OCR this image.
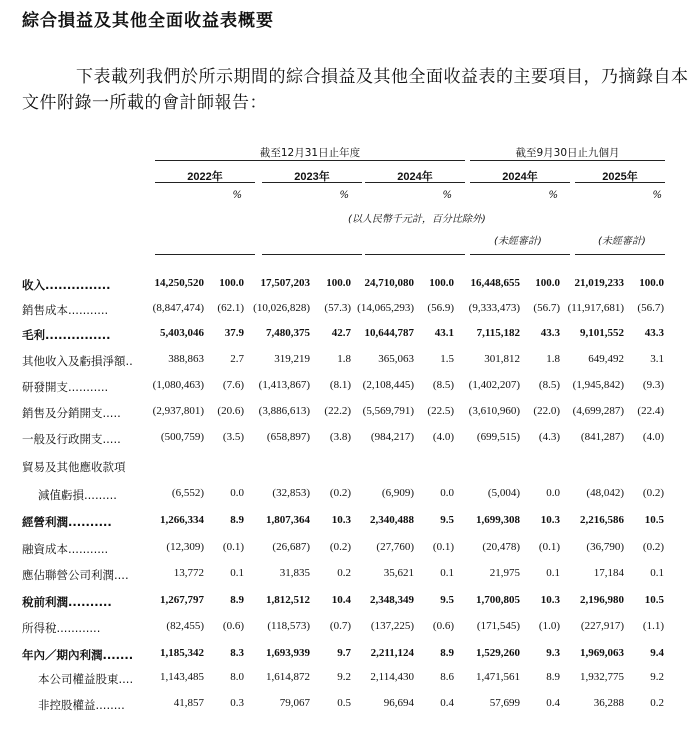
綜合損益及其他全面收益表概要
下表載列我們於所示期間的綜合損益及其他全面收益表的主要項目，乃摘錄自本
文件附錄一所載的會計師報告：
截至12月31日止年度	截至9月30日止九個月
2022年	2023年	2024年	2024年	2025年
%	%	%	%	%
(以人民幣千元計，百分比除外)
(未經審計)	(未經審計)
收入...............	14,250,520 100.0 17,507,203 100.0 24,710,080 100.0 16,448,655 100.0 21,019,233 100.0
銷售成本...........	(8,847,474) (62.1) (10,026,828) (57.3) (14,065,293) (56.9) (9,333,473) (56.7) (11,917,681) (56.7)
毛利...............	5,403,046 37.9 7,480,375 42.7 10,644,787 43.1 7,115,182 43.3 9,101,552 43.3
其他收入及虧損淨額..	388,863 2.7	319,219 1.8 365,063 1.5	301,812 1.8	649,492 3.1
研發開支...........	(1,080,463) (7.6) (1,413,867) (8.1) (2,108,445) (8.5) (1,402,207) (8.5) (1,945,842) (9.3)
銷售及分銷開支.....	(2,937,801) (20.6) (3,886,613) (22.2) (5,569,791) (22.5) (3,610,960) (22.0) (4,699,287) (22.4)
一般及行政開支.....	(500,759) (3.5) (658,897) (3.8) (984,217) (4.0) (699,515) (4.3) (841,287) (4.0)
貿易及其他應收款項
減值虧損.........	(6,552) 0.0	(32,853) (0.2)	(6,909) 0.0	(5,004) 0.0 (48,042) (0.2)
經營利潤..........	1,266,334 8.9 1,807,364 10.3 2,340,488 9.5 1,699,308 10.3 2,216,586 10.5
融資成本...........	(12,309) (0.1)	(26,687) (0.2) (27,760) (0.1)	(20,478) (0.1) (36,790) (0.2)
應佔聯營公司利潤....	13,772 0.1	31,835 0.2	35,621 0.1	21,975 0.1	17,184 0.1
稅前利潤..........	1,267,797 8.9 1,812,512 10.4 2,348,349 9.5 1,700,805 10.3 2,196,980 10.5
所得稅............	(82,455) (0.6) (118,573) (0.7) (137,225) (0.6) (171,545) (1.0) (227,917) (1.1)
年內／期內利潤....... 1,185,342 8.3 1,693,939 9.7 2,211,124 8.9 1,529,260 9.3 1,969,063 9.4
本公司權益股東.... 1,143,485 8.0 1,614,872 9.2 2,114,430 8.6 1,471,561 8.9 1,932,775 9.2
非控股權益........	41,857 0.3	79,067 0.5	96,694 0.4	57,699 0.4	36,288 0.2
